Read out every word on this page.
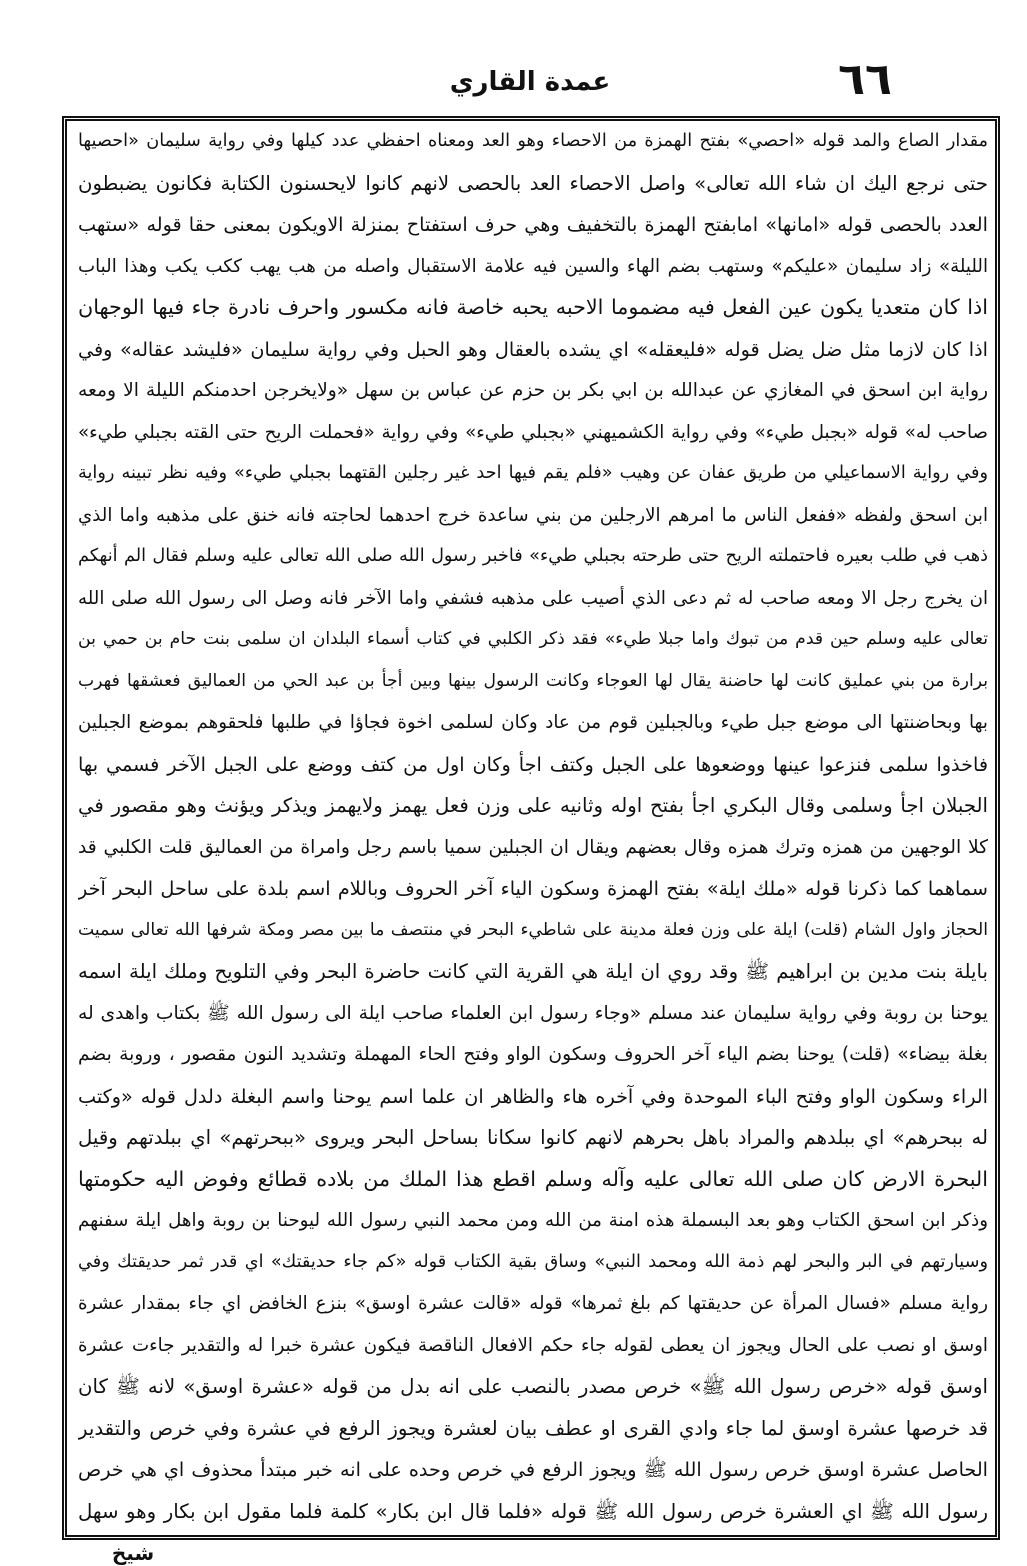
٦٦
عمدة القاري
مقدار الصاع والمد قوله «احصي» بفتح الهمزة من الاحصاء وهو العد ومعناه احفظي عدد كيلها وفي رواية سليمان «احصيها
حتى نرجع اليك ان شاء الله تعالى» واصل الاحصاء العد بالحصى لانهم كانوا لايحسنون الكتابة فكانون يضبطون
العدد بالحصى قوله «امانها» امابفتح الهمزة بالتخفيف وهي حرف استفتاح بمنزلة الاويكون بمعنى حقا قوله «ستهب
الليلة» زاد سليمان «عليكم» وستهب بضم الهاء والسين فيه علامة الاستقبال واصله من هب يهب ككب يكب وهذا الباب
اذا كان متعديا يكون عين الفعل فيه مضموما الاحبه يحبه خاصة فانه مكسور واحرف نادرة جاء فيها الوجهان
اذا كان لازما مثل ضل يضل قوله «فليعقله» اي يشده بالعقال وهو الحبل وفي رواية سليمان «فليشد عقاله» وفي
رواية ابن اسحق في المغازي عن عبدالله بن ابي بكر بن حزم عن عباس بن سهل «ولايخرجن احدمنكم الليلة الا ومعه
صاحب له» قوله «بجبل طيء» وفي رواية الكشميهني «بجبلي طيء» وفي رواية «فحملت الريح حتى القته بجبلي طيء»
وفي رواية الاسماعيلي من طريق عفان عن وهيب «فلم يقم فيها احد غير رجلين القتهما بجبلي طيء» وفيه نظر تبينه رواية
ابن اسحق ولفظه «ففعل الناس ما امرهم الارجلين من بني ساعدة خرج احدهما لحاجته فانه خنق على مذهبه واما الذي
ذهب في طلب بعيره فاحتملته الريح حتى طرحته بجبلي طيء» فاخبر رسول الله صلى الله تعالى عليه وسلم فقال الم أنهكم
ان يخرج رجل الا ومعه صاحب له ثم دعى الذي أصيب على مذهبه فشفي واما الآخر فانه وصل الى رسول الله صلى الله
تعالى عليه وسلم حين قدم من تبوك واما جبلا طيء» فقد ذكر الكلبي في كتاب أسماء البلدان ان سلمى بنت حام بن حمي بن
برارة من بني عمليق كانت لها حاضنة يقال لها العوجاء وكانت الرسول بينها وبين أجأ بن عبد الحي من العماليق فعشقها فهرب
بها وبحاضنتها الى موضع جبل طيء وبالجبلين قوم من عاد وكان لسلمى اخوة فجاؤا في طلبها فلحقوهم بموضع الجبلين
فاخذوا سلمى فنزعوا عينها ووضعوها على الجبل وكتف اجأ وكان اول من كتف ووضع على الجبل الآخر فسمي بها
الجبلان اجأ وسلمى وقال البكري اجأ بفتح اوله وثانيه على وزن فعل يهمز ولايهمز ويذكر ويؤنث وهو مقصور في
كلا الوجهين من همزه وترك همزه وقال بعضهم ويقال ان الجبلين سميا باسم رجل وامراة من العماليق قلت الكلبي قد
سماهما كما ذكرنا قوله «ملك ايلة» بفتح الهمزة وسكون الياء آخر الحروف وباللام اسم بلدة على ساحل البحر آخر
الحجاز واول الشام (قلت) ايلة على وزن فعلة مدينة على شاطيء البحر في منتصف ما بين مصر ومكة شرفها الله تعالى سميت
بايلة بنت مدين بن ابراهيم ﷺ وقد روي ان ايلة هي القرية التي كانت حاضرة البحر وفي التلويح وملك ايلة اسمه
يوحنا بن روبة وفي رواية سليمان عند مسلم «وجاء رسول ابن العلماء صاحب ايلة الى رسول الله ﷺ بكتاب واهدى له
بغلة بيضاء» (قلت) يوحنا بضم الياء آخر الحروف وسكون الواو وفتح الحاء المهملة وتشديد النون مقصور ، وروبة بضم
الراء وسكون الواو وفتح الباء الموحدة وفي آخره هاء والظاهر ان علما اسم يوحنا واسم البغلة دلدل قوله «وكتب
له ببحرهم» اي ببلدهم والمراد باهل بحرهم لانهم كانوا سكانا بساحل البحر ويروى «ببحرتهم» اي ببلدتهم وقيل
البحرة الارض كان صلى الله تعالى عليه وآله وسلم اقطع هذا الملك من بلاده قطائع وفوض اليه حكومتها
وذكر ابن اسحق الكتاب وهو بعد البسملة هذه امنة من الله ومن محمد النبي رسول الله ليوحنا بن روبة واهل ايلة سفنهم
وسيارتهم في البر والبحر لهم ذمة الله ومحمد النبي» وساق بقية الكتاب قوله «كم جاء حديقتك» اي قدر ثمر حديقتك وفي
رواية مسلم «فسال المرأة عن حديقتها كم بلغ ثمرها» قوله «قالت عشرة اوسق» بنزع الخافض اي جاء بمقدار عشرة
اوسق او نصب على الحال ويجوز ان يعطى لقوله جاء حكم الافعال الناقصة فيكون عشرة خبرا له والتقدير جاءت عشرة
اوسق قوله «خرص رسول الله ﷺ» خرص مصدر بالنصب على انه بدل من قوله «عشرة اوسق» لانه ﷺ كان
قد خرصها عشرة اوسق لما جاء وادي القرى او عطف بيان لعشرة ويجوز الرفع في عشرة وفي خرص والتقدير
الحاصل عشرة اوسق خرص رسول الله ﷺ ويجوز الرفع في خرص وحده على انه خبر مبتدأ محذوف اي هي خرص
رسول الله ﷺ اي العشرة خرص رسول الله ﷺ قوله «فلما قال ابن بكار» كلمة فلما مقول ابن بكار وهو سهل
شيخ
